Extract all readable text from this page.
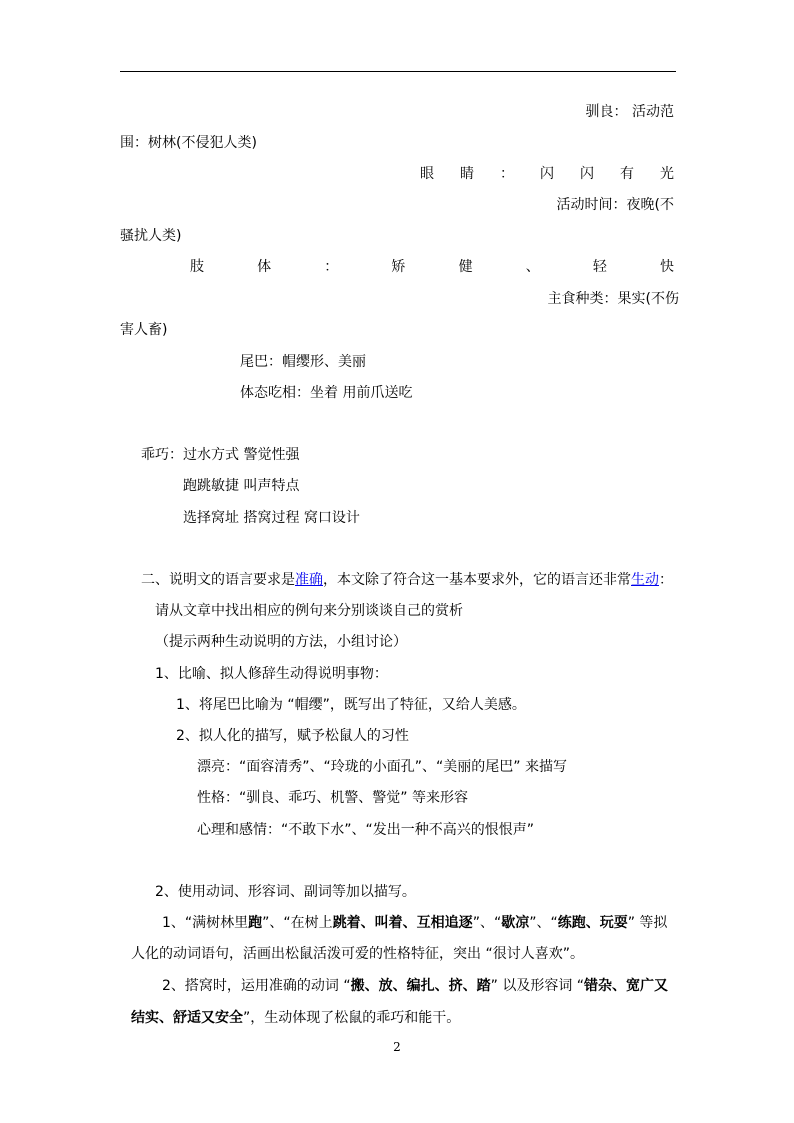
驯良： 活动范
围：树林(不侵犯人类)
眼 睛 ： 闪 闪 有 光
活动时间：夜晚(不
骚扰人类)
肢	体	：	矫	健	、	轻	快
主食种类：果实(不伤
害人畜)
尾巴：帽缨形、美丽
体态吃相：坐着 用前爪送吃
乖巧：过水方式 警觉性强
跑跳敏捷 叫声特点
选择窝址 搭窝过程 窝口设计
二、说明文的语言要求是准确，本文除了符合这一基本要求外，它的语言还非常生动：
请从文章中找出相应的例句来分别谈谈自己的赏析
（提示两种生动说明的方法，小组讨论）
1、比喻、拟人修辞生动得说明事物：
1、将尾巴比喻为 “帽缨”，既写出了特征，又给人美感。
2、拟人化的描写，赋予松鼠人的习性
漂亮：“面容清秀”、“玲珑的小面孔”、“美丽的尾巴” 来描写
性格：“驯良、乖巧、机警、警觉” 等来形容
心理和感情：“不敢下水”、“发出一种不高兴的恨恨声”
2、使用动词、形容词、副词等加以描写。
1、“满树林里跑”、“在树上跳着、叫着、互相追逐”、“歇凉”、“练跑、玩耍” 等拟
人化的动词语句，活画出松鼠活泼可爱的性格特征，突出 “很讨人喜欢”。
2、搭窝时，运用准确的动词 “搬、放、编扎、挤、踏” 以及形容词 “错杂、宽广又
结实、舒适又安全”，生动体现了松鼠的乖巧和能干。
2
